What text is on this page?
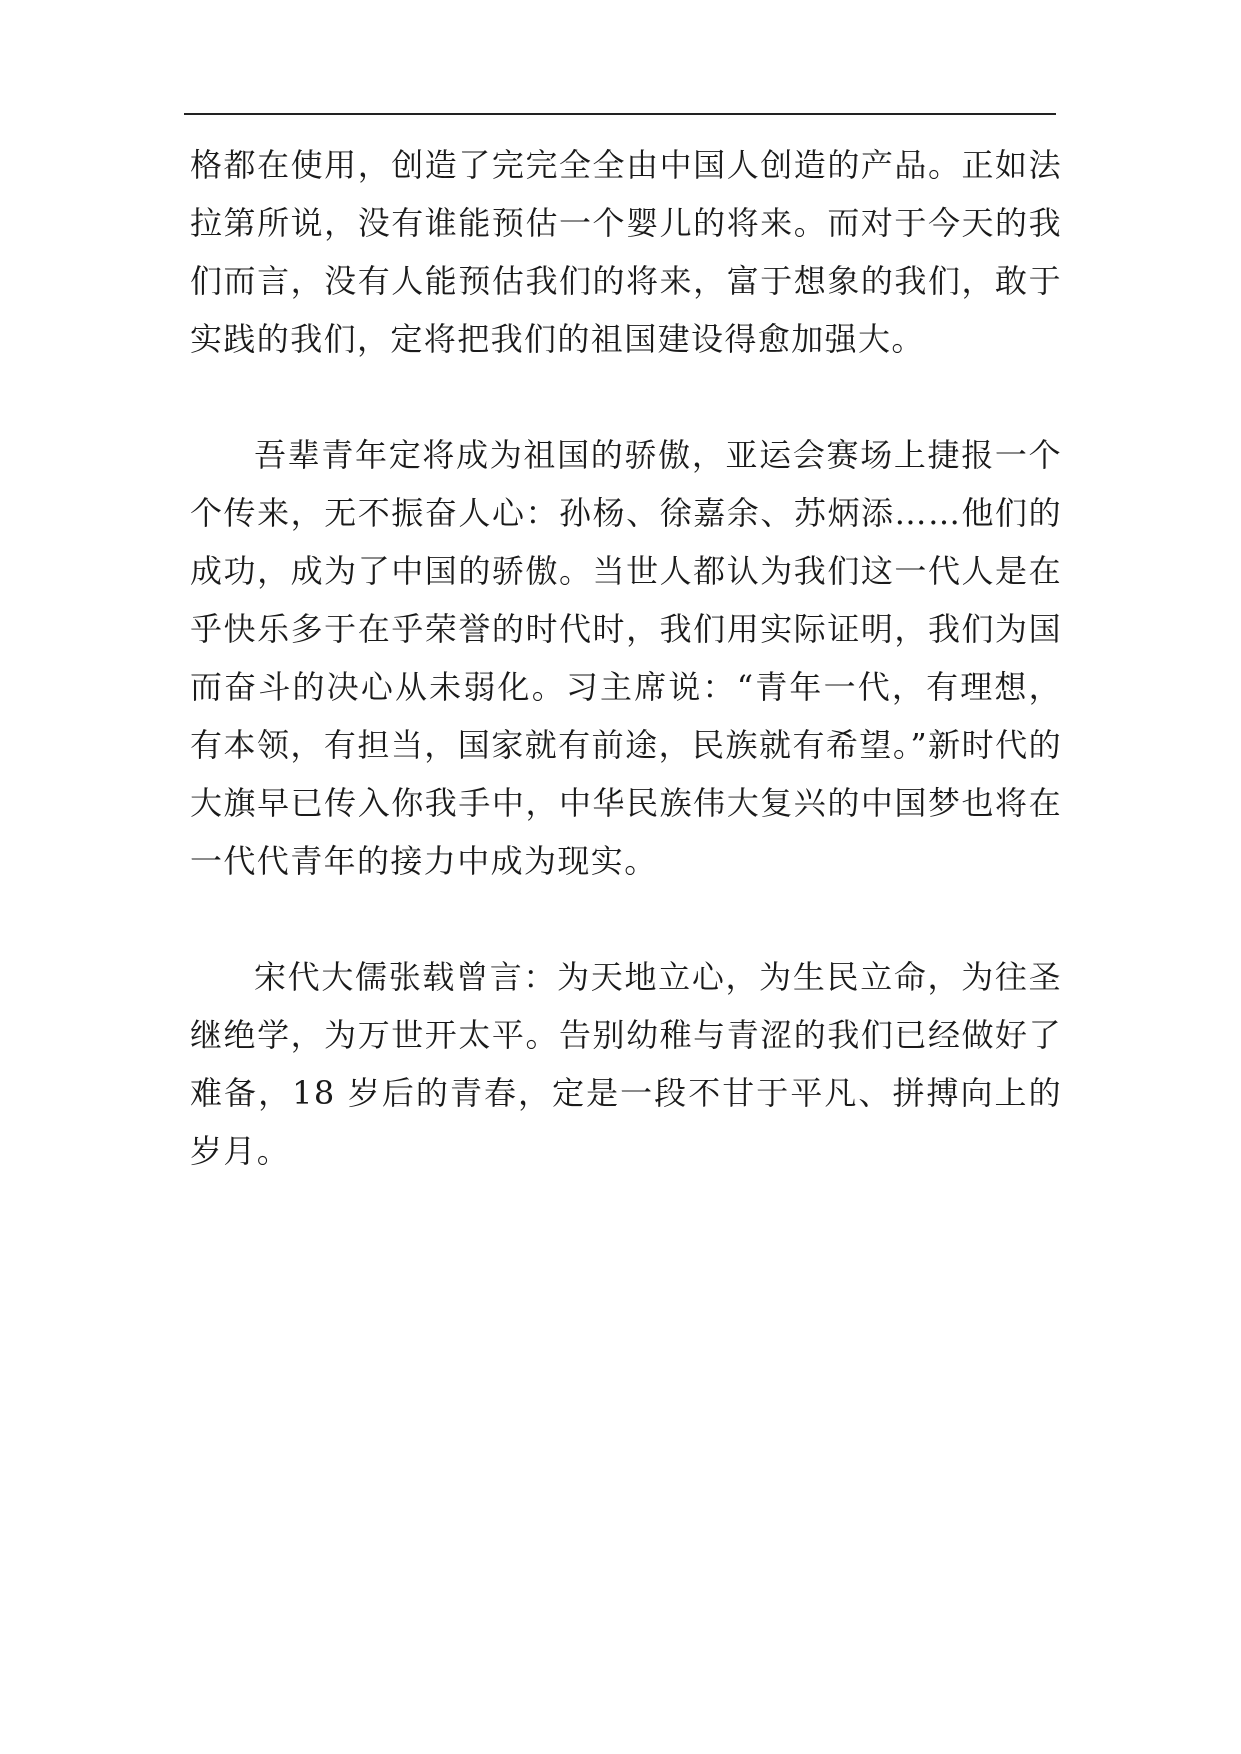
格都在使用，创造了完完全全由中国人创造的产品。正如法拉第所说，没有谁能预估一个婴儿的将来。而对于今天的我们而言，没有人能预估我们的将来，富于想象的我们，敢于实践的我们，定将把我们的祖国建设得愈加强大。

吾辈青年定将成为祖国的骄傲，亚运会赛场上捷报一个个传来，无不振奋人心：孙杨、徐嘉余、苏炳添……他们的成功，成为了中国的骄傲。当世人都认为我们这一代人是在乎快乐多于在乎荣誉的时代时，我们用实际证明，我们为国而奋斗的决心从未弱化。习主席说：“青年一代，有理想，有本领，有担当，国家就有前途，民族就有希望。”新时代的大旗早已传入你我手中，中华民族伟大复兴的中国梦也将在一代代青年的接力中成为现实。

宋代大儒张载曾言：为天地立心，为生民立命，为往圣继绝学，为万世开太平。告别幼稚与青涩的我们已经做好了难备，18 岁后的青春，定是一段不甘于平凡、拼搏向上的岁月。
